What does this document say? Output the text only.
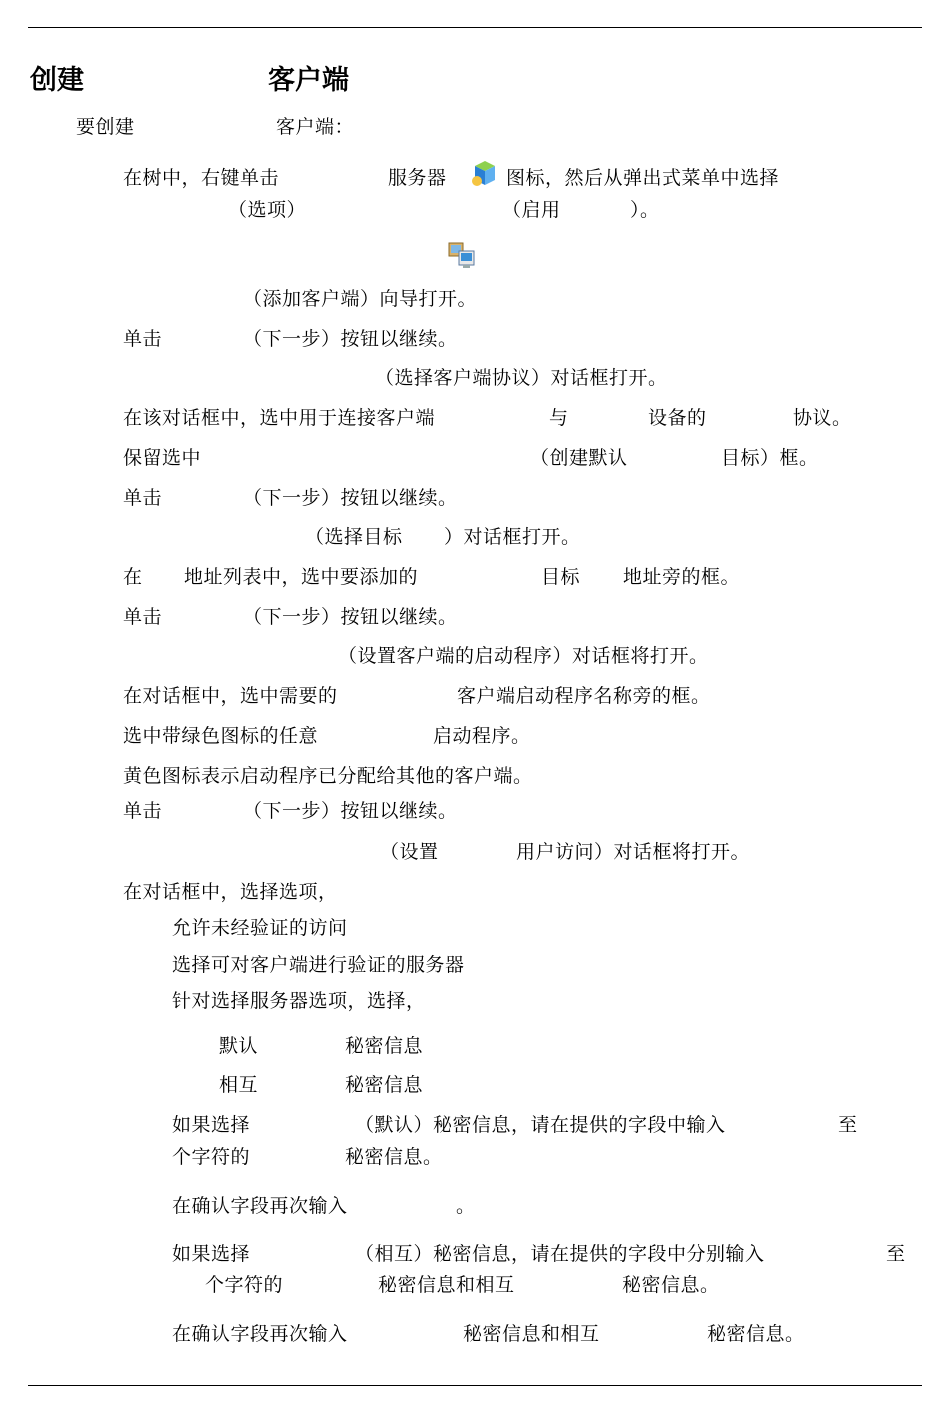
创建	客户端
要创建	客户端：
在树中，右键单击	服务器	图标，然后从弹出式菜单中选择
（选项）	（启用	）。
（添加客户端）向导打开。
单击	（下一步）按钮以继续。
（选择客户端协议）对话框打开。
在该对话框中，选中用于连接客户端	与	设备的	协议。
保留选中	（创建默认	目标）框。
单击	（下一步）按钮以继续。
（选择目标 ）对话框打开。
在 地址列表中，选中要添加的	目标 地址旁的框。
单击	（下一步）按钮以继续。
（设置客户端的启动程序）对话框将打开。
在对话框中，选中需要的	客户端启动程序名称旁的框。
选中带绿色图标的任意	启动程序。
黄色图标表示启动程序已分配给其他的客户端。
单击	（下一步）按钮以继续。
（设置	用户访问）对话框将打开。
在对话框中，选择选项，
允许未经验证的访问
选择可对客户端进行验证的服务器
针对选择服务器选项，选择，
默认	秘密信息
相互	秘密信息
如果选择	（默认）秘密信息，请在提供的字段中输入	至
个字符的	秘密信息。
在确认字段再次输入	。
如果选择	（相互）秘密信息，请在提供的字段中分别输入	至
个字符的	秘密信息和相互	秘密信息。
在确认字段再次输入	秘密信息和相互	秘密信息。
